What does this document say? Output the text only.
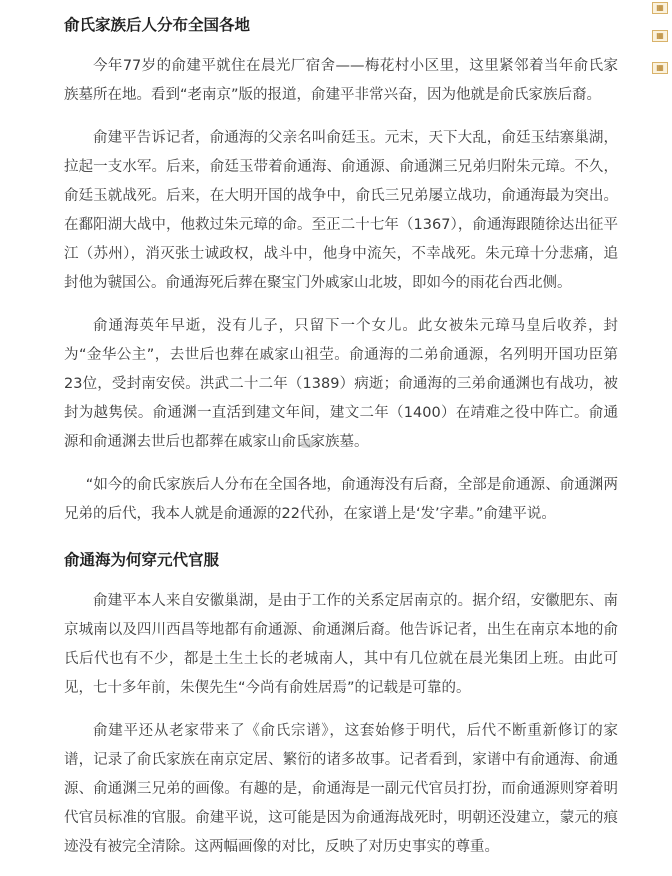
俞氏家族后人分布全国各地

今年77岁的俞建平就住在晨光厂宿舍——梅花村小区里，这里紧邻着当年俞氏家族墓所在地。看到“老南京”版的报道，俞建平非常兴奋，因为他就是俞氏家族后裔。

俞建平告诉记者，俞通海的父亲名叫俞廷玉。元末，天下大乱，俞廷玉结寨巢湖，拉起一支水军。后来，俞廷玉带着俞通海、俞通源、俞通渊三兄弟归附朱元璋。不久，俞廷玉就战死。后来，在大明开国的战争中，俞氏三兄弟屡立战功，俞通海最为突出。在鄱阳湖大战中，他救过朱元璋的命。至正二十七年（1367），俞通海跟随徐达出征平江（苏州），消灭张士诚政权，战斗中，他身中流矢，不幸战死。朱元璋十分悲痛，追封他为虢国公。俞通海死后葬在聚宝门外戚家山北坡，即如今的雨花台西北侧。

俞通海英年早逝，没有儿子，只留下一个女儿。此女被朱元璋马皇后收养，封为“金华公主”，去世后也葬在戚家山祖茔。俞通海的二弟俞通源，名列明开国功臣第23位，受封南安侯。洪武二十二年（1389）病逝；俞通海的三弟俞通渊也有战功，被封为越隽侯。俞通渊一直活到建文年间，建文二年（1400）在靖难之役中阵亡。俞通源和俞通渊去世后也都葬在戚家山俞氏家族墓。

“如今的俞氏家族后人分布在全国各地，俞通海没有后裔，全部是俞通源、俞通渊两兄弟的后代，我本人就是俞通源的22代孙，在家谱上是‘发’字辈。”俞建平说。

俞通海为何穿元代官服

俞建平本人来自安徽巢湖，是由于工作的关系定居南京的。据介绍，安徽肥东、南京城南以及四川西昌等地都有俞通源、俞通渊后裔。他告诉记者，出生在南京本地的俞氏后代也有不少，都是土生土长的老城南人，其中有几位就在晨光集团上班。由此可见，七十多年前，朱偰先生“今尚有俞姓居焉”的记载是可靠的。

俞建平还从老家带来了《俞氏宗谱》，这套始修于明代，后代不断重新修订的家谱，记录了俞氏家族在南京定居、繁衍的诸多故事。记者看到，家谱中有俞通海、俞通源、俞通渊三兄弟的画像。有趣的是，俞通海是一副元代官员打扮，而俞通源则穿着明代官员标准的官服。俞建平说，这可能是因为俞通海战死时，明朝还没建立，蒙元的痕迹没有被完全清除。这两幅画像的对比，反映了对历史事实的尊重。

▦
▦
▦
